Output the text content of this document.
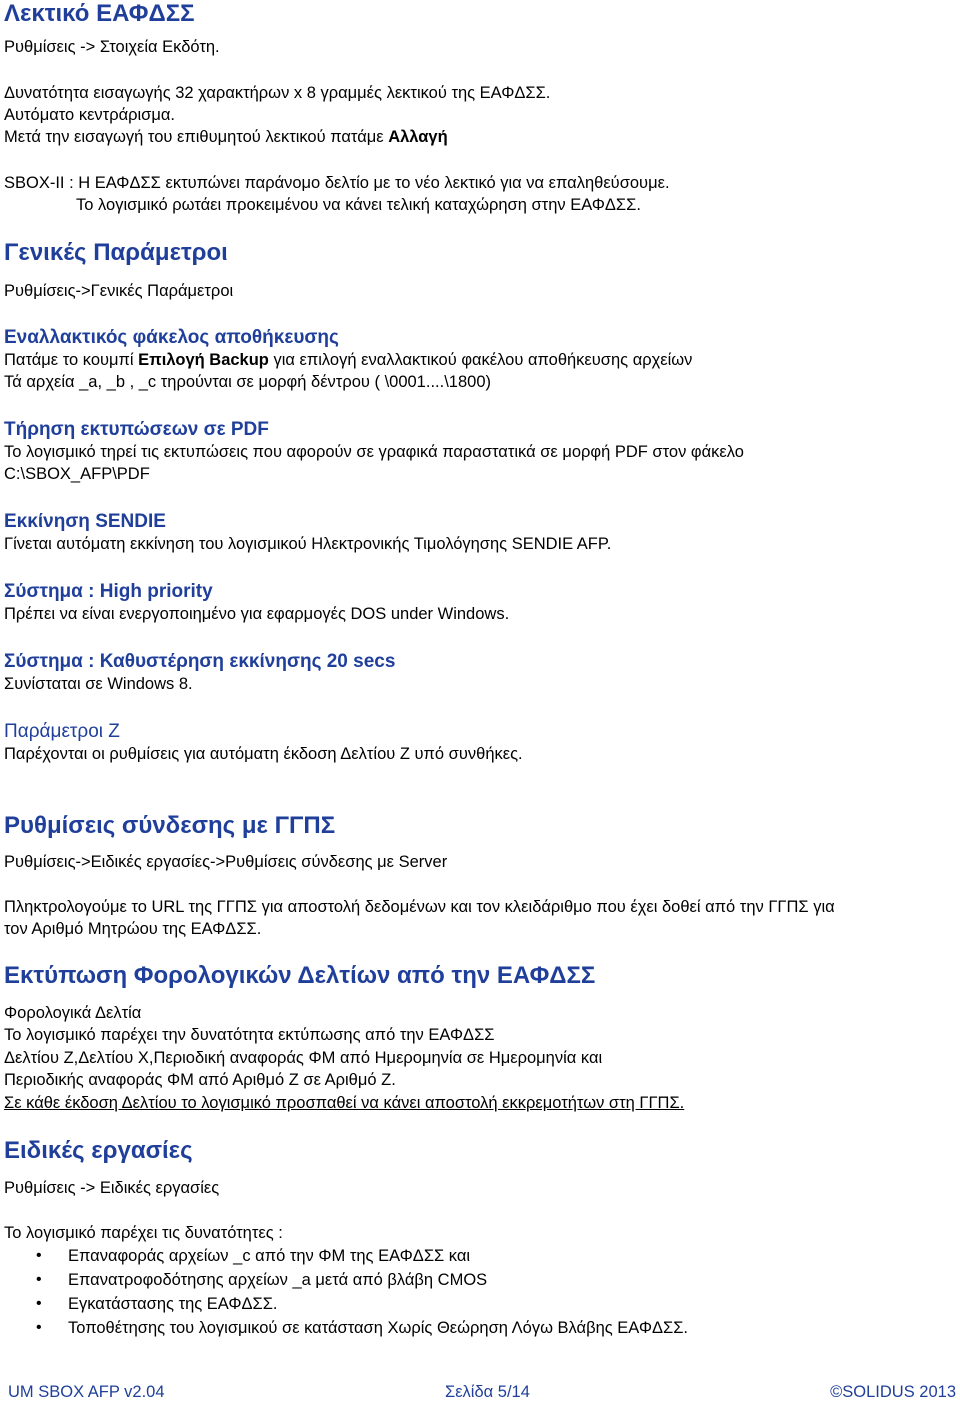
Λεκτικό ΕΑΦΔΣΣ
Ρυθμίσεις -> Στοιχεία Εκδότη.
Δυνατότητα εισαγωγής 32 χαρακτήρων x 8 γραμμές λεκτικού της ΕΑΦΔΣΣ.
Αυτόματο κεντράρισμα.
Μετά την εισαγωγή του επιθυμητού λεκτικού πατάμε Αλλαγή
SBOX-II : Η ΕΑΦΔΣΣ εκτυπώνει παράνομο δελτίο με το νέο λεκτικό για να επαληθεύσουμε.
Το λογισμικό ρωτάει προκειμένου να κάνει τελική καταχώρηση στην ΕΑΦΔΣΣ.
Γενικές Παράμετροι
Ρυθμίσεις->Γενικές Παράμετροι
Εναλλακτικός φάκελος αποθήκευσης
Πατάμε το κουμπί Επιλογή Backup για επιλογή εναλλακτικού φακέλου αποθήκευσης αρχείων
Τά αρχεία _a, _b , _c τηρούνται σε μορφή δέντρου ( \0001....\1800)
Τήρηση εκτυπώσεων σε PDF
Το λογισμικό τηρεί τις εκτυπώσεις που αφορούν σε γραφικά παραστατικά σε μορφή PDF στον φάκελο
C:\SBOX_AFP\PDF
Εκκίνηση SENDIE
Γίνεται αυτόματη εκκίνηση του λογισμικού Ηλεκτρονικής Τιμολόγησης SENDIE AFP.
Σύστημα : High priority
Πρέπει να είναι ενεργοποιημένο για εφαρμογές DOS under Windows.
Σύστημα : Καθυστέρηση εκκίνησης 20 secs
Συνίσταται σε Windows 8.
Παράμετροι Z
Παρέχονται οι ρυθμίσεις για αυτόματη έκδοση Δελτίου Ζ υπό συνθήκες.
Ρυθμίσεις σύνδεσης με ΓΓΠΣ
Ρυθμίσεις->Ειδικές εργασίες->Ρυθμίσεις σύνδεσης με Server
Πληκτρολογούμε το URL της ΓΓΠΣ για αποστολή δεδομένων και τον κλειδάριθμο που έχει δοθεί από την ΓΓΠΣ για
τον Αριθμό Μητρώου της ΕΑΦΔΣΣ.
Εκτύπωση Φορολογικών Δελτίων από την ΕΑΦΔΣΣ
Φορολογικά Δελτία
Το λογισμικό παρέχει την δυνατότητα εκτύπωσης από την ΕΑΦΔΣΣ
Δελτίου Z,Δελτίου X,Περιοδική αναφοράς ΦΜ από Ημερομηνία σε Ημερομηνία και
Περιοδικής αναφοράς ΦΜ από Αριθμό Ζ σε Αριθμό Ζ.
Σε κάθε έκδοση Δελτίου το λογισμικό προσπαθεί να κάνει αποστολή εκκρεμοτήτων στη ΓΓΠΣ.
Ειδικές εργασίες
Ρυθμίσεις -> Ειδικές εργασίες
Το λογισμικό παρέχει τις δυνατότητες :
• Επαναφοράς αρχείων _c από την ΦΜ της ΕΑΦΔΣΣ και
• Επανατροφοδότησης αρχείων _a μετά από βλάβη CMOS
• Εγκατάστασης της ΕΑΦΔΣΣ.
• Τοποθέτησης του λογισμικού σε κατάσταση Χωρίς Θεώρηση Λόγω Βλάβης ΕΑΦΔΣΣ.
UM SBOX AFP v2.04	Σελίδα 5/14	©SOLIDUS 2013
